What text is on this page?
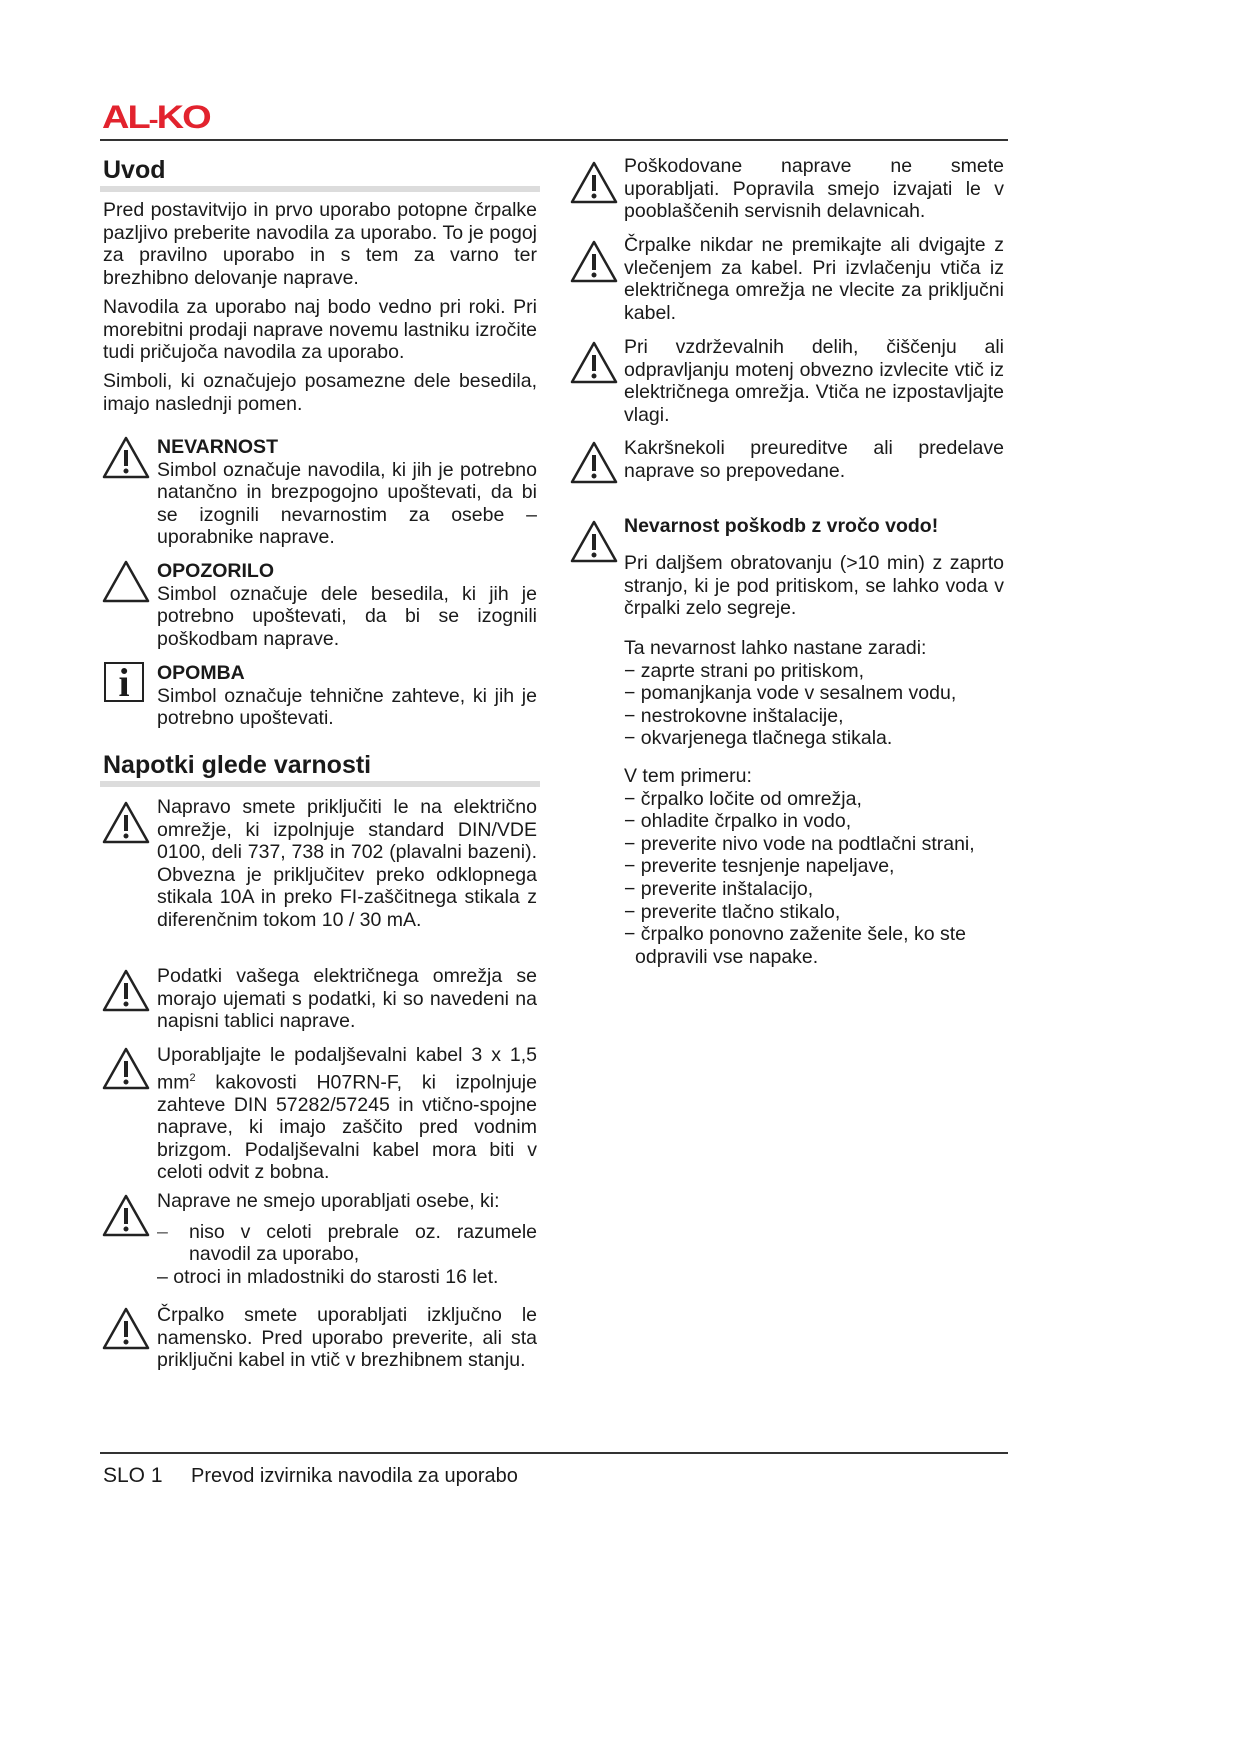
AL-KO
Uvod
Pred postavitvijo in prvo uporabo potopne črpalke pazljivo preberite navodila za uporabo. To je pogoj za pravilno uporabo in s tem za varno ter brezhibno delovanje naprave.
Navodila za uporabo naj bodo vedno pri roki. Pri morebitni prodaji naprave novemu lastniku izročite tudi pričujoča navodila za uporabo.
Simboli, ki označujejo posamezne dele besedila, imajo naslednji pomen.
NEVARNOST
Simbol označuje navodila, ki jih je potrebno natančno in brezpogojno upoštevati, da bi se izognili nevarnostim za osebe – uporabnike naprave.
OPOZORILO
Simbol označuje dele besedila, ki jih je potrebno upoštevati, da bi se izognili poškodbam naprave.
i	OPOMBA
Simbol označuje tehnične zahteve, ki jih je potrebno upoštevati.
Napotki glede varnosti
Napravo smete priključiti le na električno omrežje, ki izpolnjuje standard DIN/VDE 0100, deli 737, 738 in 702 (plavalni bazeni). Obvezna je priključitev preko odklopnega stikala 10A in preko FI-zaščitnega stikala z diferenčnim tokom 10 / 30 mA.
Podatki vašega električnega omrežja se morajo ujemati s podatki, ki so navedeni na napisni tablici naprave.
Uporabljajte le podaljševalni kabel 3 x 1,5 $mm^2$ kakovosti H07RN-F, ki izpolnjuje zahteve DIN 57282/57245 in vtično-spojne naprave, ki imajo zaščito pred vodnim brizgom. Podaljševalni kabel mora biti v celoti odvit z bobna.
Naprave ne smejo uporabljati osebe, ki:
–	niso v celoti prebrale oz. razumele navodil za uporabo,
– otroci in mladostniki do starosti 16 let.
Črpalko smete uporabljati izključno le namensko. Pred uporabo preverite, ali sta priključni kabel in vtič v brezhibnem stanju.
Poškodovane naprave ne smete uporabljati. Popravila smejo izvajati le v pooblaščenih servisnih delavnicah.
Črpalke nikdar ne premikajte ali dvigajte z vlečenjem za kabel. Pri izvlačenju vtiča iz električnega omrežja ne vlecite za priključni kabel.
Pri vzdrževalnih delih, čiščenju ali odpravljanju motenj obvezno izvlecite vtič iz električnega omrežja. Vtiča ne izpostavljajte vlagi.
Kakršnekoli preureditve ali predelave naprave so prepovedane.
Nevarnost poškodb z vročo vodo!
Pri daljšem obratovanju (>10 min) z zaprto stranjo, ki je pod pritiskom, se lahko voda v črpalki zelo segreje.
Ta nevarnost lahko nastane zaradi:
− zaprte strani po pritiskom,
− pomanjkanja vode v sesalnem vodu,
− nestrokovne inštalacije,
− okvarjenega tlačnega stikala.
V tem primeru:
− črpalko ločite od omrežja,
− ohladite črpalko in vodo,
− preverite nivo vode na podtlačni strani,
− preverite tesnjenje napeljave,
− preverite inštalacijo,
− preverite tlačno stikalo,
− črpalko ponovno zaženite šele, ko ste
odpravili vse napake.
SLO 1 Prevod izvirnika navodila za uporabo
